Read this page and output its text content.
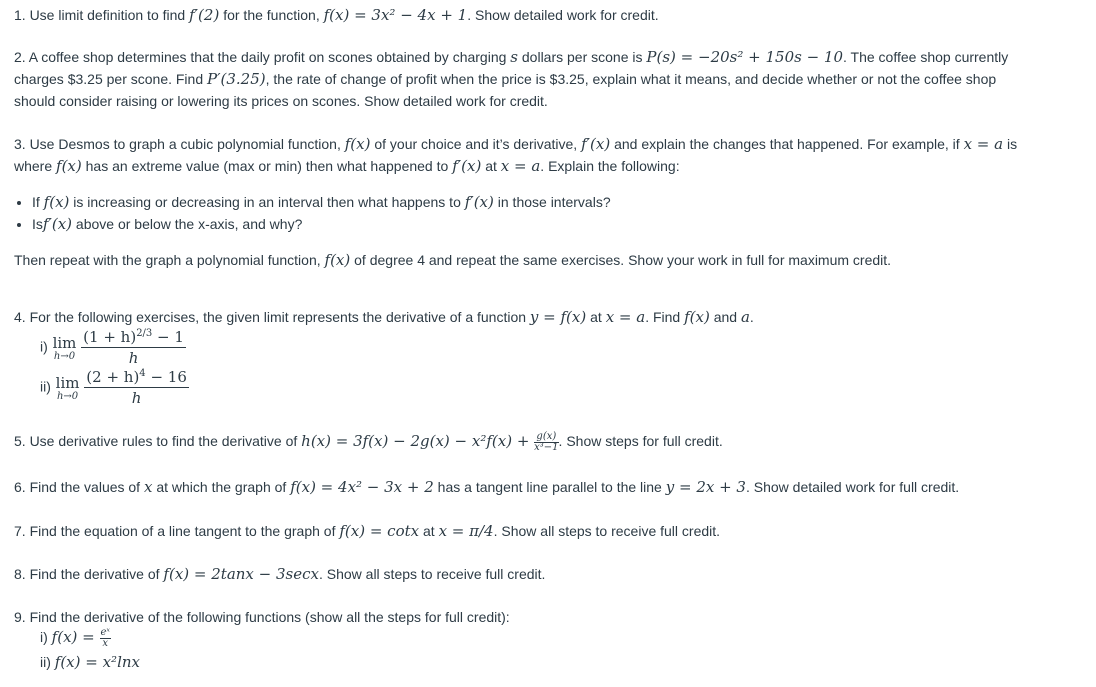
1. Use limit definition to find f′(2) for the function, f(x) = 3x² − 4x + 1. Show detailed work for credit.
2. A coffee shop determines that the daily profit on scones obtained by charging s dollars per scone is P(s) = −20s² + 150s − 10. The coffee shop currently
charges $3.25 per scone. Find P′(3.25), the rate of change of profit when the price is $3.25, explain what it means, and decide whether or not the coffee shop
should consider raising or lowering its prices on scones. Show detailed work for credit.
3. Use Desmos to graph a cubic polynomial function, f(x) of your choice and it’s derivative, f′(x) and explain the changes that happened. For example, if x = a is
where f(x) has an extreme value (max or min) then what happened to f′(x) at x = a. Explain the following:
• If f(x) is increasing or decreasing in an interval then what happens to f′(x) in those intervals?
• Isf′(x) above or below the x-axis, and why?
Then repeat with the graph a polynomial function, f(x) of degree 4 and repeat the same exercises. Show your work in full for maximum credit.
4. For the following exercises, the given limit represents the derivative of a function y = f(x) at x = a. Find f(x) and a.
i) lim
h→0
$\frac{(1 + h)^{2/3} - 1}{h}$
ii) lim
h→0
$\frac{(2 + h)^4 - 16}{h}$
5. Use derivative rules to find the derivative of $h(x) = 3f(x) - 2g(x) - x^2f(x) + \frac{g(x)}{\text{x³−1}}$ . Show steps for full credit.
6. Find the values of x at which the graph of f(x) = 4x² − 3x + 2 has a tangent line parallel to the line y = 2x + 3. Show detailed work for full credit.
7. Find the equation of a line tangent to the graph of f(x) = cotx at x = π/4. Show all steps to receive full credit.
8. Find the derivative of f(x) = 2tanx − 3secx. Show all steps to receive full credit.
9. Find the derivative of the following functions (show all the steps for full credit):
i) $f(x) = \frac{\text{eˣ}}{x}$
ii) f(x) = x²lnx
